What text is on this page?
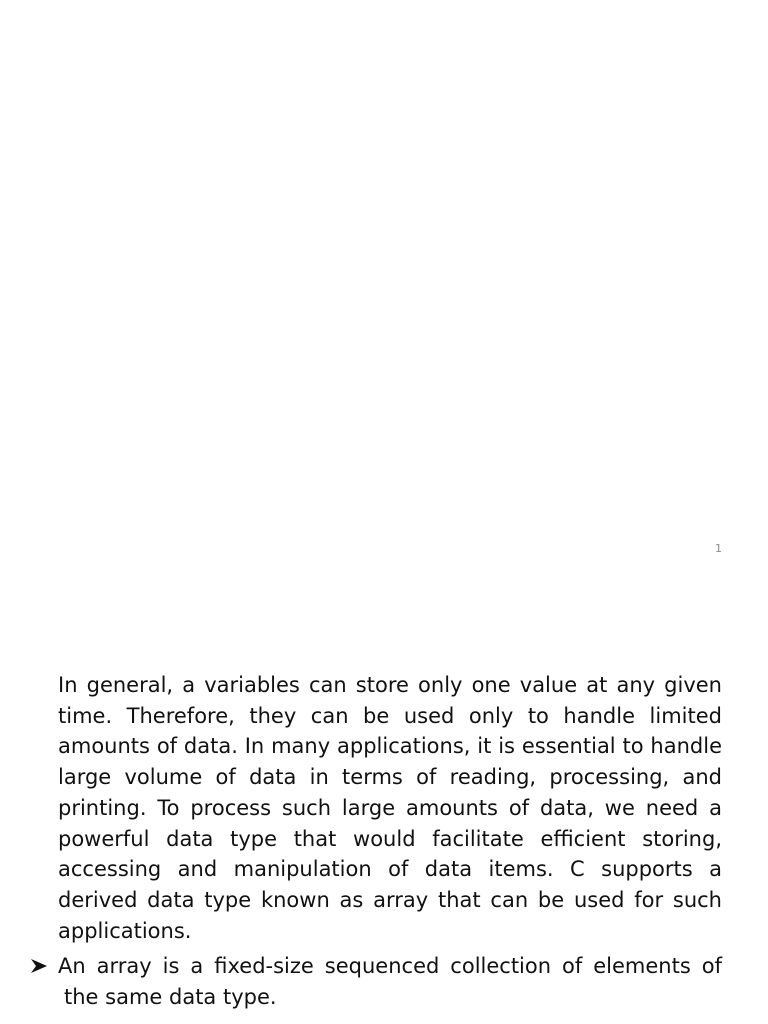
1

In general, a variables can store only one value at any given time. Therefore, they can be used only to handle limited amounts of data. In many applications, it is essential to handle large volume of data in terms of reading, processing, and printing. To process such large amounts of data, we need a powerful data type that would facilitate efficient storing, accessing and manipulation of data items. C supports a derived data type known as array that can be used for such applications.

An array is a fixed-size sequenced collection of elements of the same data type.
